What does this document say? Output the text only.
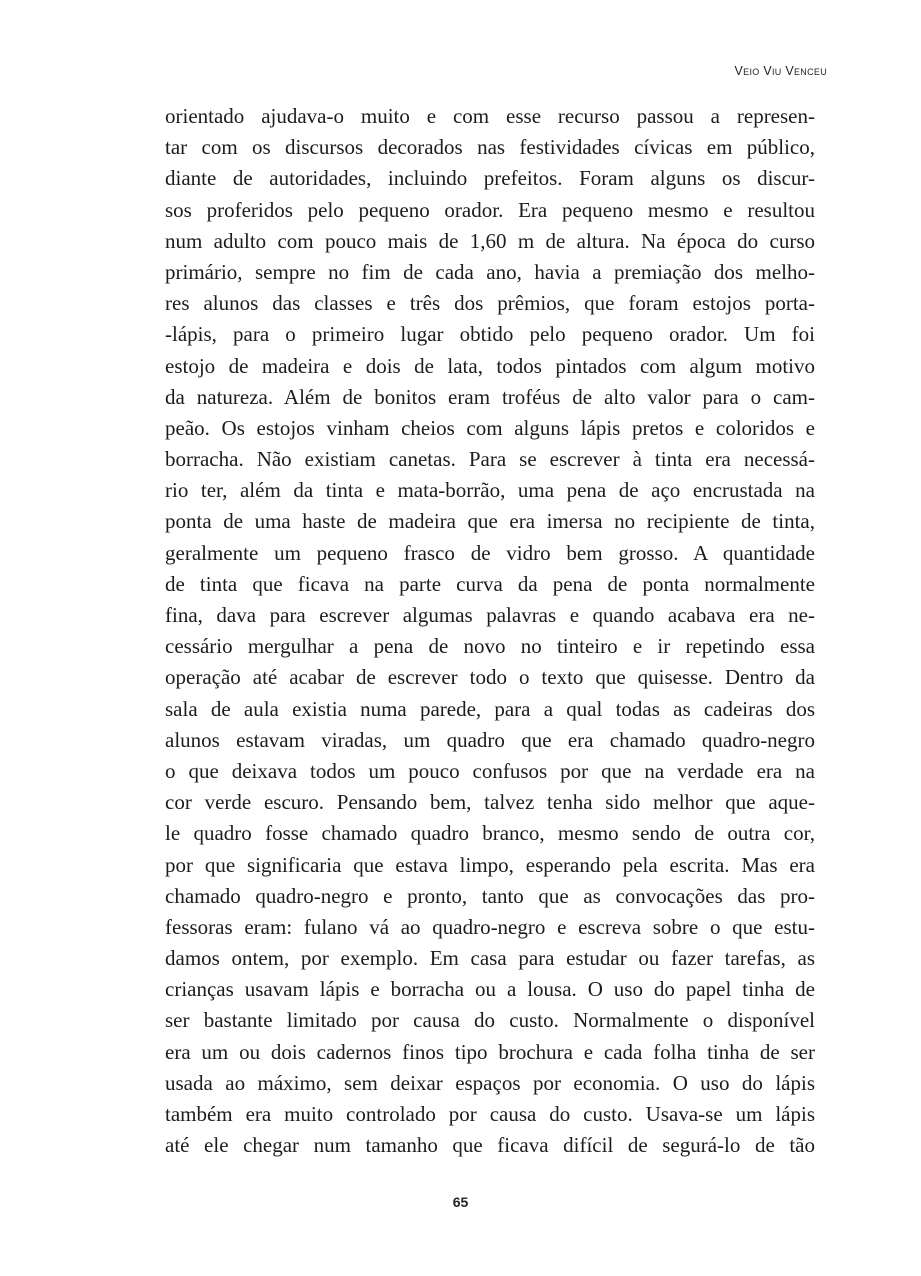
Veio Viu Venceu
orientado ajudava-o muito e com esse recurso passou a represen-
tar com os discursos decorados nas festividades cívicas em público,
diante de autoridades, incluindo prefeitos. Foram alguns os discur-
sos proferidos pelo pequeno orador. Era pequeno mesmo e resultou
num adulto com pouco mais de 1,60 m de altura. Na época do curso
primário, sempre no fim de cada ano, havia a premiação dos melho-
res alunos das classes e três dos prêmios, que foram estojos porta-
-lápis, para o primeiro lugar obtido pelo pequeno orador. Um foi
estojo de madeira e dois de lata, todos pintados com algum motivo
da natureza. Além de bonitos eram troféus de alto valor para o cam-
peão. Os estojos vinham cheios com alguns lápis pretos e coloridos e
borracha. Não existiam canetas. Para se escrever à tinta era necessá-
rio ter, além da tinta e mata-borrão, uma pena de aço encrustada na
ponta de uma haste de madeira que era imersa no recipiente de tinta,
geralmente um pequeno frasco de vidro bem grosso. A quantidade
de tinta que ficava na parte curva da pena de ponta normalmente
fina, dava para escrever algumas palavras e quando acabava era ne-
cessário mergulhar a pena de novo no tinteiro e ir repetindo essa
operação até acabar de escrever todo o texto que quisesse. Dentro da
sala de aula existia numa parede, para a qual todas as cadeiras dos
alunos estavam viradas, um quadro que era chamado quadro-negro
o que deixava todos um pouco confusos por que na verdade era na
cor verde escuro. Pensando bem, talvez tenha sido melhor que aque-
le quadro fosse chamado quadro branco, mesmo sendo de outra cor,
por que significaria que estava limpo, esperando pela escrita. Mas era
chamado quadro-negro e pronto, tanto que as convocações das pro-
fessoras eram: fulano vá ao quadro-negro e escreva sobre o que estu-
damos ontem, por exemplo. Em casa para estudar ou fazer tarefas, as
crianças usavam lápis e borracha ou a lousa. O uso do papel tinha de
ser bastante limitado por causa do custo. Normalmente o disponível
era um ou dois cadernos finos tipo brochura e cada folha tinha de ser
usada ao máximo, sem deixar espaços por economia. O uso do lápis
também era muito controlado por causa do custo. Usava-se um lápis
até ele chegar num tamanho que ficava difícil de segurá-lo de tão
65
